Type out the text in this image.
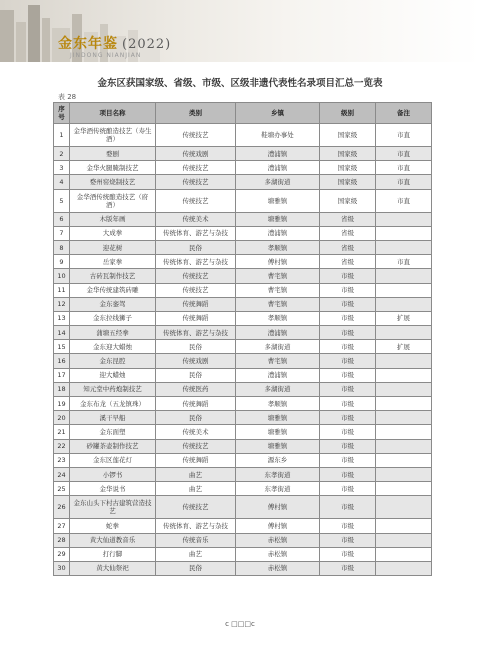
金东年鉴 (2022)
JINDONG NIANJIAN
金东区获国家级、省级、市级、区级非遗代表性名录项目汇总一览表
表 28
序号	项目名称	类别	乡镇	级别	备注
1	金华酒传统酿造技艺（寿生酒）	传统技艺	鞋塘办事处	国家级	市直
2	婺剧	传统戏剧	澧浦镇	国家级	市直
3	金华火腿腌制技艺	传统技艺	澧浦镇	国家级	市直
4	婺州窑烧制技艺	传统技艺	多湖街道	国家级	市直
5	金华酒传统酿造技艺（府酒）	传统技艺	塘雅镇	国家级	市直
6	木版年画	传统美术	塘雅镇	省级	
7	大成拳	传统体育、游艺与杂技	澧浦镇	省级	
8	迎花树	民俗	孝顺镇	省级	
9	岳家拳	传统体育、游艺与杂技	傅村镇	省级	市直
10	古砖瓦制作技艺	传统技艺	曹宅镇	市级	
11	金华传统建筑砖雕	传统技艺	曹宅镇	市级	
12	金东銮驾	传统舞蹈	曹宅镇	市级	
13	金东拉线狮子	传统舞蹈	孝顺镇	市级	扩展
14	蒲塘五经拳	传统体育、游艺与杂技	澧浦镇	市级	
15	金东迎大蜡烛	民俗	多湖街道	市级	扩展
16	金东昆腔	传统戏剧	曹宅镇	市级	
17	迎大蜡烛	民俗	澧浦镇	市级	
18	知元堂中药炮制技艺	传统医药	多湖街道	市级	
19	金东布龙（五龙镇珠）	传统舞蹈	孝顺镇	市级	
20	溪干早船	民俗	塘雅镇	市级	
21	金东面塑	传统美术	塘雅镇	市级	
22	砂罐茶壶制作技艺	传统技艺	塘雅镇	市级	
23	金东区莲花灯	传统舞蹈	源东乡	市级	
24	小锣书	曲艺	东孝街道	市级	
25	金华说书	曲艺	东孝街道	市级	
26	金东山头下村古建筑营造技艺	传统技艺	傅村镇	市级	
27	蛇拳	传统体育、游艺与杂技	傅村镇	市级	
28	黄大仙道教音乐	传统音乐	赤松镇	市级	
29	打行脚	曲艺	赤松镇	市级	
30	黄大仙祭祀	民俗	赤松镇	市级	
c □□□c
